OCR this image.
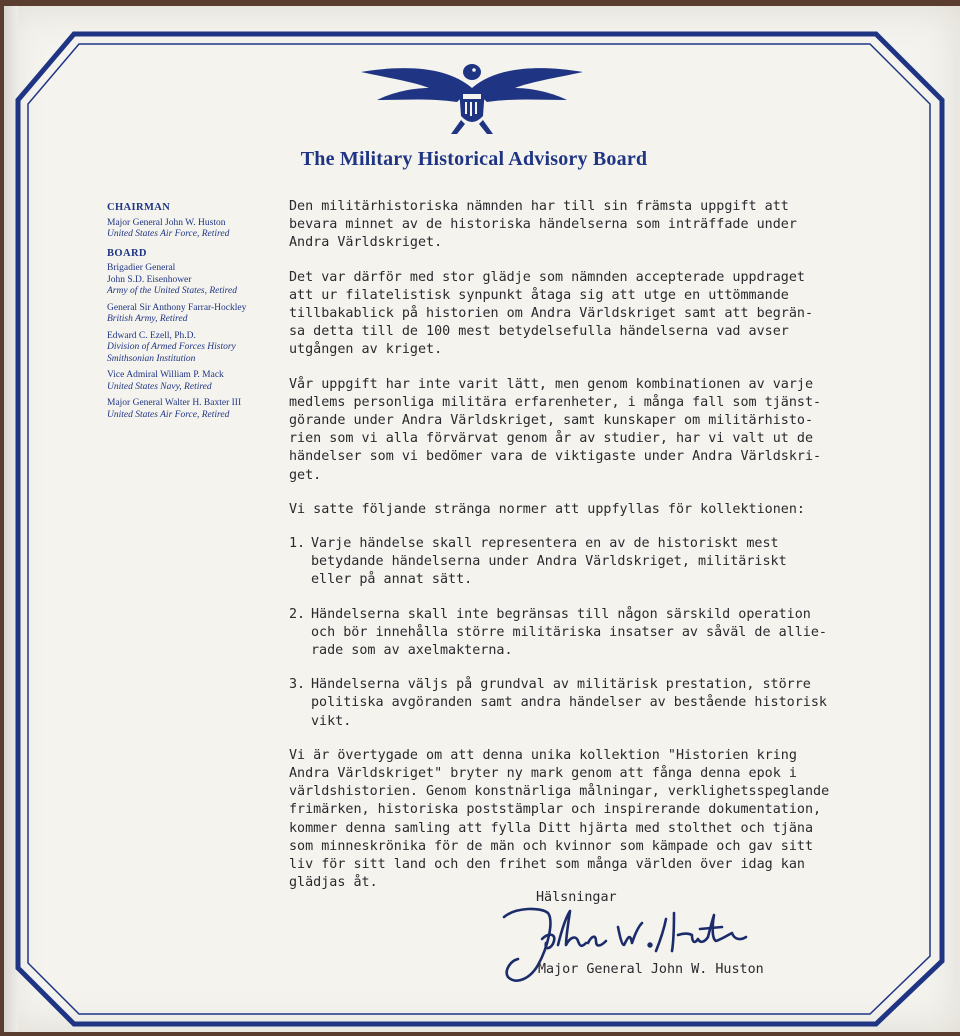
The Military Historical Advisory Board
CHAIRMAN
Major General John W. Huston
United States Air Force, Retired
BOARD
Brigadier General
John S.D. Eisenhower
Army of the United States, Retired
General Sir Anthony Farrar-Hockley
British Army, Retired
Edward C. Ezell, Ph.D.
Division of Armed Forces History
Smithsonian Institution
Vice Admiral William P. Mack
United States Navy, Retired
Major General Walter H. Baxter III
United States Air Force, Retired

Den militärhistoriska nämnden har till sin främsta uppgift att
bevara minnet av de historiska händelserna som inträffade under
Andra Världskriget.

Det var därför med stor glädje som nämnden accepterade uppdraget
att ur filatelistisk synpunkt åtaga sig att utge en uttömmande
tillbakablick på historien om Andra Världskriget samt att begrän-
sa detta till de 100 mest betydelsefulla händelserna vad avser
utgången av kriget.

Vår uppgift har inte varit lätt, men genom kombinationen av varje
medlems personliga militära erfarenheter, i många fall som tjänst-
görande under Andra Världskriget, samt kunskaper om militärhisto-
rien som vi alla förvärvat genom år av studier, har vi valt ut de
händelser som vi bedömer vara de viktigaste under Andra Världskri-
get.

Vi satte följande stränga normer att uppfyllas för kollektionen:

1. Varje händelse skall representera en av de historiskt mest
betydande händelserna under Andra Världskriget, militäriskt
eller på annat sätt.
2. Händelserna skall inte begränsas till någon särskild operation
och bör innehålla större militäriska insatser av såväl de allie-
rade som av axelmakterna.
3. Händelserna väljs på grundval av militärisk prestation, större
politiska avgöranden samt andra händelser av bestående historisk
vikt.

Vi är övertygade om att denna unika kollektion "Historien kring
Andra Världskriget" bryter ny mark genom att fånga denna epok i
världshistorien. Genom konstnärliga målningar, verklighetsspeglande
frimärken, historiska poststämplar och inspirerande dokumentation,
kommer denna samling att fylla Ditt hjärta med stolthet och tjäna
som minneskrönika för de män och kvinnor som kämpade och gav sitt
liv för sitt land och den frihet som många världen över idag kan
glädjas åt.

Hälsningar
Major General John W. Huston
